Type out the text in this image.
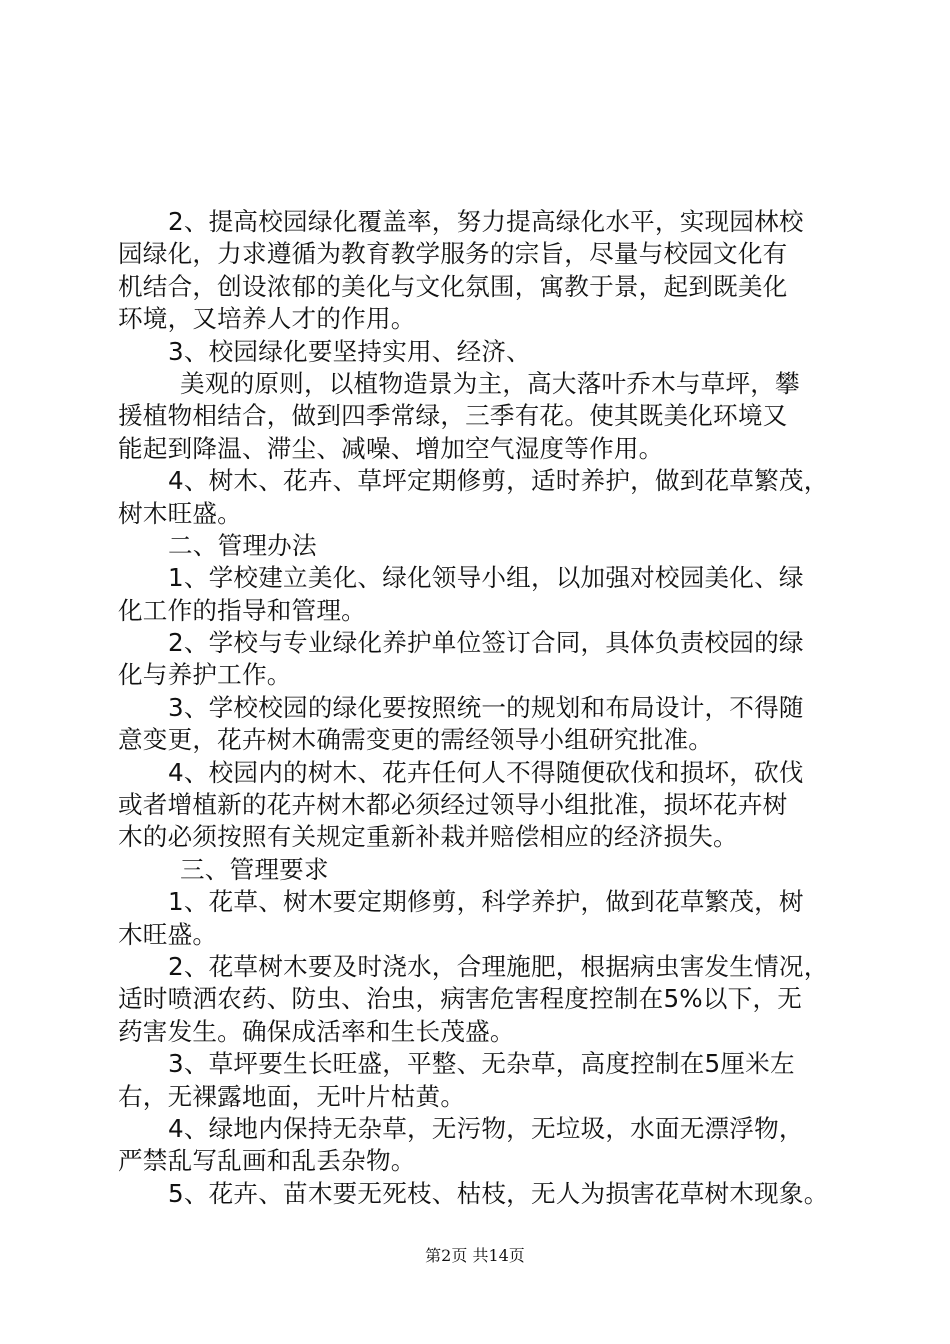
2、提高校园绿化覆盖率，努力提高绿化水平，实现园林校
园绿化，力求遵循为教育教学服务的宗旨，尽量与校园文化有
机结合，创设浓郁的美化与文化氛围，寓教于景，起到既美化
环境，又培养人才的作用。
3、校园绿化要坚持实用、经济、
美观的原则，以植物造景为主，高大落叶乔木与草坪，攀
援植物相结合，做到四季常绿，三季有花。使其既美化环境又
能起到降温、滞尘、减噪、增加空气湿度等作用。
4、树木、花卉、草坪定期修剪，适时养护，做到花草繁茂，
树木旺盛。
二、管理办法
1、学校建立美化、绿化领导小组，以加强对校园美化、绿
化工作的指导和管理。
2、学校与专业绿化养护单位签订合同，具体负责校园的绿
化与养护工作。
3、学校校园的绿化要按照统一的规划和布局设计，不得随
意变更，花卉树木确需变更的需经领导小组研究批准。
4、校园内的树木、花卉任何人不得随便砍伐和损坏，砍伐
或者增植新的花卉树木都必须经过领导小组批准，损坏花卉树
木的必须按照有关规定重新补栽并赔偿相应的经济损失。
三、管理要求
1、花草、树木要定期修剪，科学养护，做到花草繁茂，树
木旺盛。
2、花草树木要及时浇水，合理施肥，根据病虫害发生情况，
适时喷洒农药、防虫、治虫，病害危害程度控制在5%以下，无
药害发生。确保成活率和生长茂盛。
3、草坪要生长旺盛，平整、无杂草，高度控制在5厘米左
右，无裸露地面，无叶片枯黄。
4、绿地内保持无杂草，无污物，无垃圾，水面无漂浮物，
严禁乱写乱画和乱丢杂物。
5、花卉、苗木要无死枝、枯枝，无人为损害花草树木现象。
第2页 共14页
